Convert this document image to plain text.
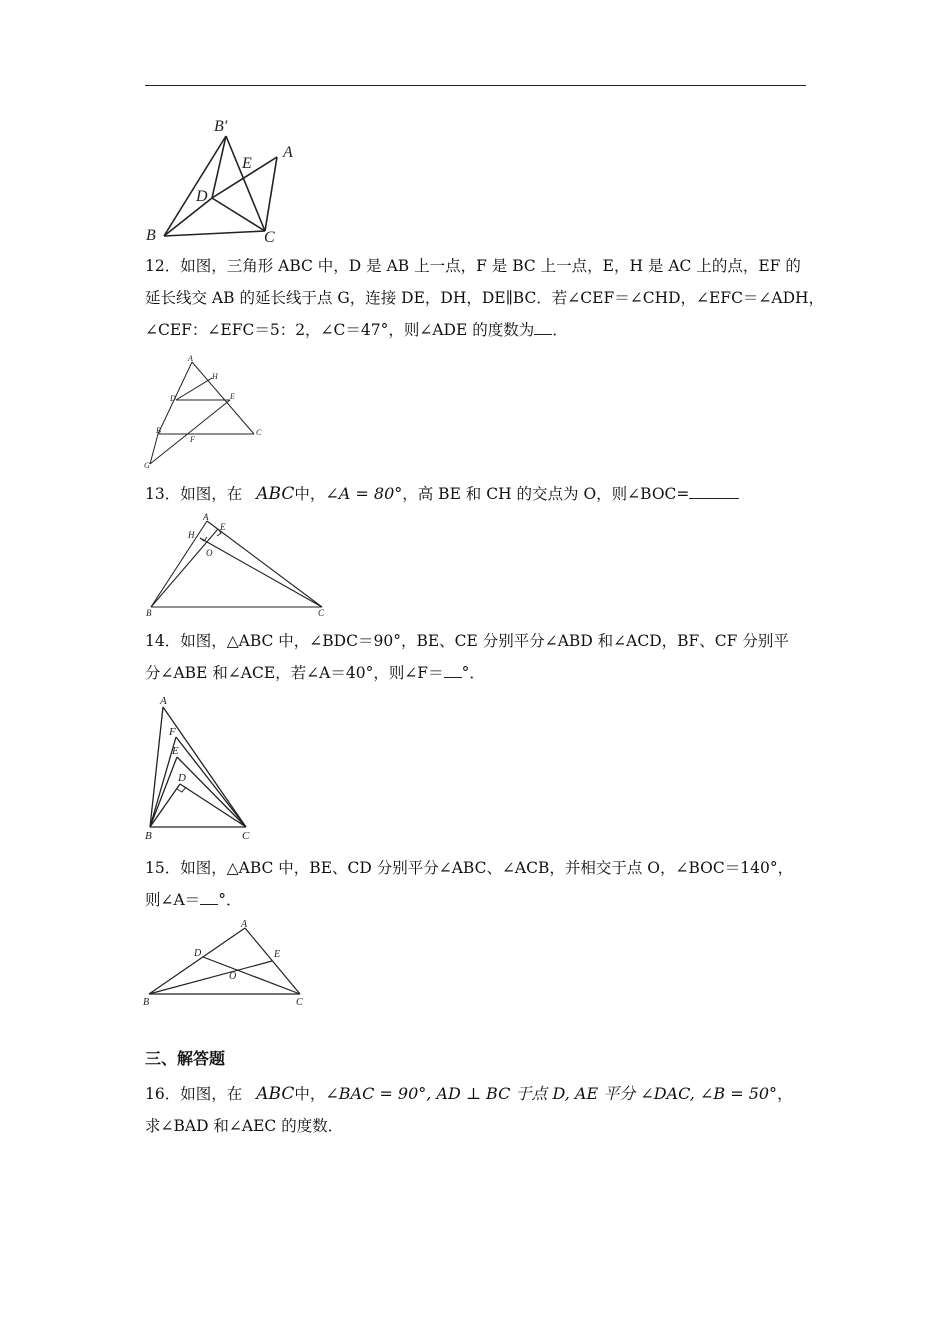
B′
E
A
D
B	C
12．如图，三角形 ABC 中，D 是 AB 上一点，F 是 BC 上一点，E，H 是 AC 上的点，EF 的
延长线交 AB 的延长线于点 G，连接 DE，DH，DE∥BC．若∠CEF＝∠CHD，∠EFC＝∠ADH，
∠CEF：∠EFC＝5：2，∠C＝47°，则∠ADE 的度数为 ．
A
H
D	E
B
F
C
G
13．如图，在 ABC中，∠A = 80°，高 BE 和 CH 的交点为 O，则∠BOC=
A
E
H
O
B	C
14．如图，△ABC 中，∠BDC＝90°，BE、CE 分别平分∠ABD 和∠ACD，BF、CF 分别平
分∠ABE 和∠ACE，若∠A＝40°，则∠F＝ °．
A
F
E
D
B	C
15．如图，△ABC 中，BE、CD 分别平分∠ABC、∠ACB，并相交于点 O，∠BOC＝140°，
则∠A＝ °．
A
D	E
O
B	C
三、解答题
16．如图，在 ABC中，∠BAC = 90°, AD ⊥ BC 于点 D, AE 平分 ∠DAC, ∠B = 50°，
求∠BAD 和∠AEC 的度数．
